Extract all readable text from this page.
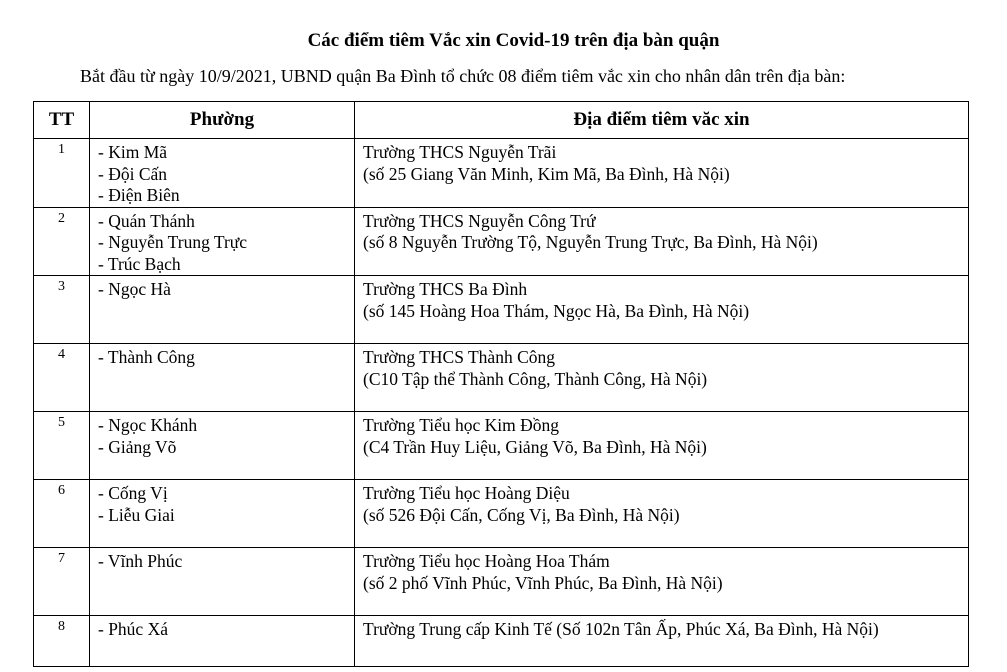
Các điểm tiêm Vắc xin Covid-19 trên địa bàn quận
Bắt đầu từ ngày 10/9/2021, UBND quận Ba Đình tổ chức 08 điểm tiêm vắc xin cho nhân dân trên địa bàn:
TT	Phường	Địa điểm tiêm văc xin
1	- Kim Mã
- Đội Cấn
- Điện Biên	Trường THCS Nguyễn Trãi
(số 25 Giang Văn Minh, Kim Mã, Ba Đình, Hà Nội)

2	- Quán Thánh
- Nguyễn Trung Trực
- Trúc Bạch	Trường THCS Nguyễn Công Trứ
(số 8 Nguyễn Trường Tộ, Nguyễn Trung Trực, Ba Đình, Hà Nội)

3	- Ngọc Hà	Trường THCS Ba Đình
(số 145 Hoàng Hoa Thám, Ngọc Hà, Ba Đình, Hà Nội)

4	- Thành Công	Trường THCS Thành Công
(C10 Tập thể Thành Công, Thành Công, Hà Nội)

5	- Ngọc Khánh
- Giảng Võ	Trường Tiểu học Kim Đồng
(C4 Trần Huy Liệu, Giảng Võ, Ba Đình, Hà Nội)

6	- Cống Vị
- Liễu Giai	Trường Tiểu học Hoàng Diệu
(số 526 Đội Cấn, Cống Vị, Ba Đình, Hà Nội)

7	- Vĩnh Phúc	Trường Tiểu học Hoàng Hoa Thám
(số 2 phố Vĩnh Phúc, Vĩnh Phúc, Ba Đình, Hà Nội)

8	- Phúc Xá	Trường Trung cấp Kinh Tế (Số 102n Tân Ấp, Phúc Xá, Ba Đình, Hà Nội)
